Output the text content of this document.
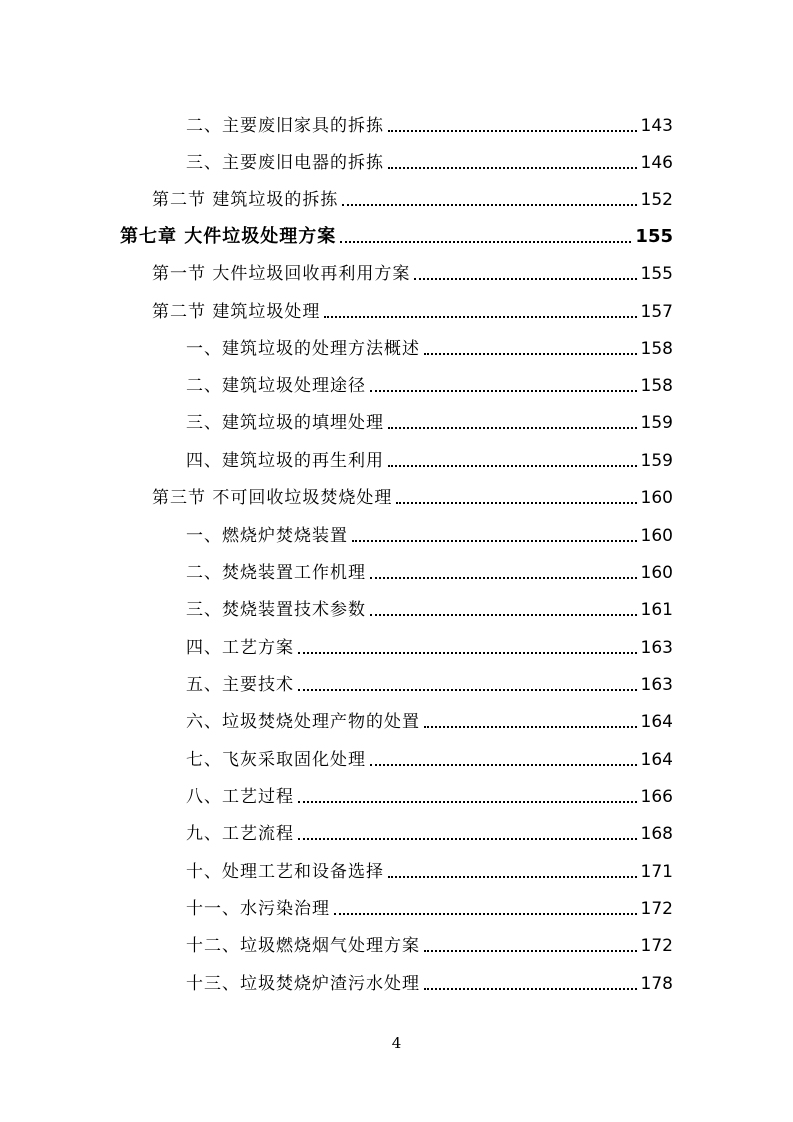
二、主要废旧家具的拆拣	143
三、主要废旧电器的拆拣	146
第二节 建筑垃圾的拆拣	152
第七章 大件垃圾处理方案	155
第一节 大件垃圾回收再利用方案	155
第二节 建筑垃圾处理	157
一、建筑垃圾的处理方法概述	158
二、建筑垃圾处理途径	158
三、建筑垃圾的填埋处理	159
四、建筑垃圾的再生利用	159
第三节 不可回收垃圾焚烧处理	160
一、燃烧炉焚烧装置	160
二、焚烧装置工作机理	160
三、焚烧装置技术参数	161
四、工艺方案	163
五、主要技术	163
六、垃圾焚烧处理产物的处置	164
七、飞灰采取固化处理	164
八、工艺过程	166
九、工艺流程	168
十、处理工艺和设备选择	171
十一、水污染治理	172
十二、垃圾燃烧烟气处理方案	172
十三、垃圾焚烧炉渣污水处理	178
4
